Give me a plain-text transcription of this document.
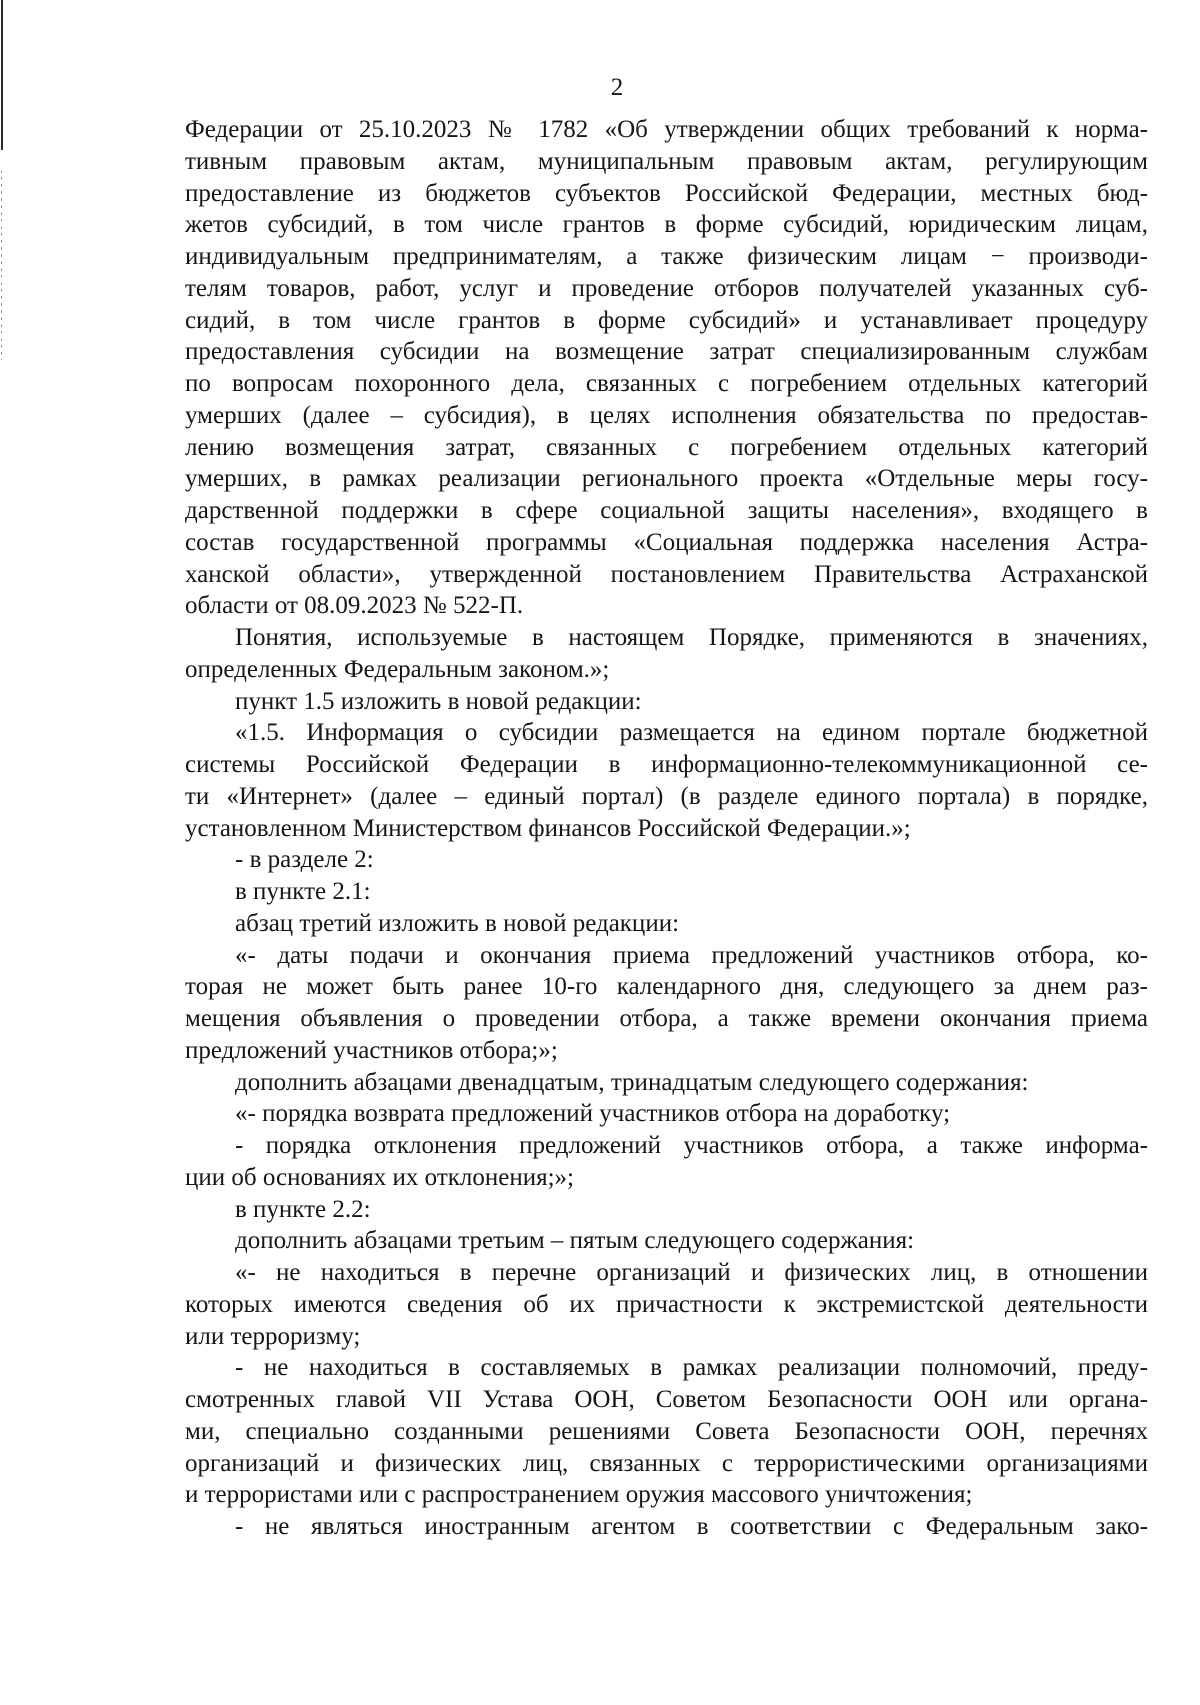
2
Федерации от 25.10.2023 № 1782 «Об утверждении общих требований к норма-
тивным правовым актам, муниципальным правовым актам, регулирующим
предоставление из бюджетов субъектов Российской Федерации, местных бюд-
жетов субсидий, в том числе грантов в форме субсидий, юридическим лицам,
индивидуальным предпринимателям, а также физическим лицам − производи-
телям товаров, работ, услуг и проведение отборов получателей указанных суб-
сидий, в том числе грантов в форме субсидий» и устанавливает процедуру
предоставления субсидии на возмещение затрат специализированным службам
по вопросам похоронного дела, связанных с погребением отдельных категорий
умерших (далее – субсидия), в целях исполнения обязательства по предостав-
лению возмещения затрат, связанных с погребением отдельных категорий
умерших, в рамках реализации регионального проекта «Отдельные меры госу-
дарственной поддержки в сфере социальной защиты населения», входящего в
состав государственной программы «Социальная поддержка населения Астра-
ханской области», утвержденной постановлением Правительства Астраханской
области от 08.09.2023 № 522-П.
Понятия, используемые в настоящем Порядке, применяются в значениях,
определенных Федеральным законом.»;
пункт 1.5 изложить в новой редакции:
«1.5. Информация о субсидии размещается на едином портале бюджетной
системы Российской Федерации в информационно-телекоммуникационной се-
ти «Интернет» (далее – единый портал) (в разделе единого портала) в порядке,
установленном Министерством финансов Российской Федерации.»;
- в разделе 2:
в пункте 2.1:
абзац третий изложить в новой редакции:
«- даты подачи и окончания приема предложений участников отбора, ко-
торая не может быть ранее 10-го календарного дня, следующего за днем раз-
мещения объявления о проведении отбора, а также времени окончания приема
предложений участников отбора;»;
дополнить абзацами двенадцатым, тринадцатым следующего содержания:
«- порядка возврата предложений участников отбора на доработку;
- порядка отклонения предложений участников отбора, а также информа-
ции об основаниях их отклонения;»;
в пункте 2.2:
дополнить абзацами третьим – пятым следующего содержания:
«- не находиться в перечне организаций и физических лиц, в отношении
которых имеются сведения об их причастности к экстремистской деятельности
или терроризму;
- не находиться в составляемых в рамках реализации полномочий, преду-
смотренных главой VII Устава ООН, Советом Безопасности ООН или органа-
ми, специально созданными решениями Совета Безопасности ООН, перечнях
организаций и физических лиц, связанных с террористическими организациями
и террористами или с распространением оружия массового уничтожения;
- не являться иностранным агентом в соответствии с Федеральным зако-
